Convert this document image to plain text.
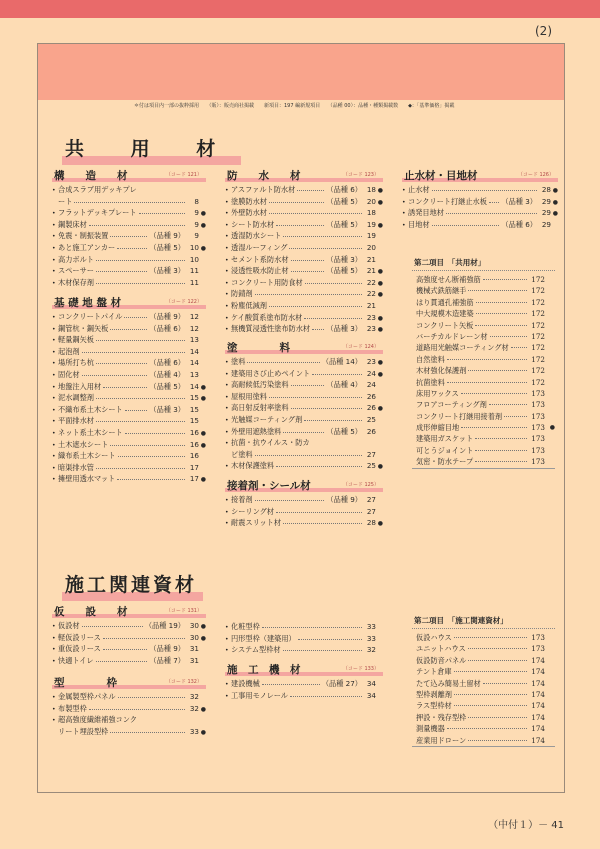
(2)
＊付は項目内一部の抜粋採用　　（販）：販売商社掲載　　新項目：197 編新規項目　　（品種 00）：品種・種類掲載数　　◆：「基準価格」掲載
共 用 材
施工関連資材
構　　造　　材	（コード 121）
• 合成スラブ用デッキプレ
ート	8
• フラットデッキプレート	9 ●
• 鋼製床材	9 ●
• 免震・制振装置	（品種 9）	9
• あと施工アンカー	（品種 5） 10 ●
• 高力ボルト	10
• スペーサー	（品種 3） 11
• 木材保存剤	11
基 礎 地 盤 材	（コード 122）
• コンクリートパイル	（品種 9） 12
• 鋼管杭・鋼矢板	（品種 6） 12
• 軽量鋼矢板	13
• 起泡剤	14
• 場所打ち杭	（品種 6） 14
• 固化材	（品種 4） 13
• 地盤注入用材	（品種 5） 14 ●
• 泥水調整剤	15 ●
• 不織布系土木シート	（品種 3） 15
• 平面排水材	15
• ネット系土木シート	16 ●
• 土木遮水シート	16 ●
• 織布系土木シート	16
• 暗渠排水管	17
• 擁壁用透水マット	17 ●
仮　　設　　材	（コード 131）
• 仮設材	（品種 19） 30 ●
• 軽仮設リース	30 ●
• 重仮設リース	（品種 9） 31
• 快適トイレ	（品種 7） 31
型　　　　枠	（コード 132）
• 金属製型枠パネル	32
• 布製型枠	32 ●
• 超高強度繊維補強コンク
リート埋設型枠	33 ●
防　　水　　材	（コード 123）
• アスファルト防水材	（品種 6） 18 ●
• 塗膜防水材	（品種 5） 20 ●
• 外壁防水材	18
• シート防水材	（品種 5） 19 ●
• 透湿防水シート	19
• 透湿ルーフィング	20
• セメント系防水材	（品種 3） 21
• 浸透性吸水防止材	（品種 5） 21 ●
• コンクリート用防食材	22 ●
• 防錆剤	22 ●
• 粉塵低減剤	21
• ケイ酸質系塗布防水材	23 ●
• 無機質浸透性塗布防水材 （品種 3） 23 ●
塗　　　　料	（コード 124）
• 塗料	（品種 14） 23 ●
• 建築用さび止めペイント	24 ●
• 高耐候低汚染塗料	（品種 4） 24
• 屋根用塗料	26
• 高日射反射率塗料	26 ●
• 光触媒コーティング剤	25
• 外壁用遮熱塗料	（品種 5） 26
• 抗菌・抗ウイルス・防カ
ビ塗料	27
• 木材保護塗料	25 ●
接着剤・シール材	（コード 125）
• 接着剤	（品種 9） 27
• シーリング材	27
• 耐震スリット材	28 ●
• 化粧型枠	33
• 円形型枠（建築用）	33
• システム型枠材	32
施　工　機　材	（コード 133）
• 建設機械	（品種 27） 34
• 工事用モノレール	34
止水材・目地材	（コード 126）
• 止水材	28 ●
• コンクリート打継止水板 （品種 3） 29 ●
• 誘発目地材	29 ●
• 目地材	（品種 6） 29
第二項目　「共用材」
高強度せん断補強筋	172
機械式鉄筋継手	172
はり貫通孔補強筋	172
中大規模木造建築	172
コンクリート矢板	172
バーチカルドレーン材	172
道路用光触媒コーティング材	172
自然塗料	172
木材強化保護剤	172
抗菌塗料	172
床用ワックス	173
フロアコーティング剤	173
コンクリート打継用接着剤	173
成形伸縮目地	173 ●
建築用ガスケット	173
可とうジョイント	173
気密・防水テープ	173
第二項目　「施工関連資材」
仮設ハウス	173
ユニットハウス	173
仮設防音パネル	174
テント倉庫	174
たて込み簡易土留材	174
型枠剥離剤	174
ラス型枠材	174
押設・残存型枠	174
測量機器	174
産業用ドローン	174
（中付１）－ 41
